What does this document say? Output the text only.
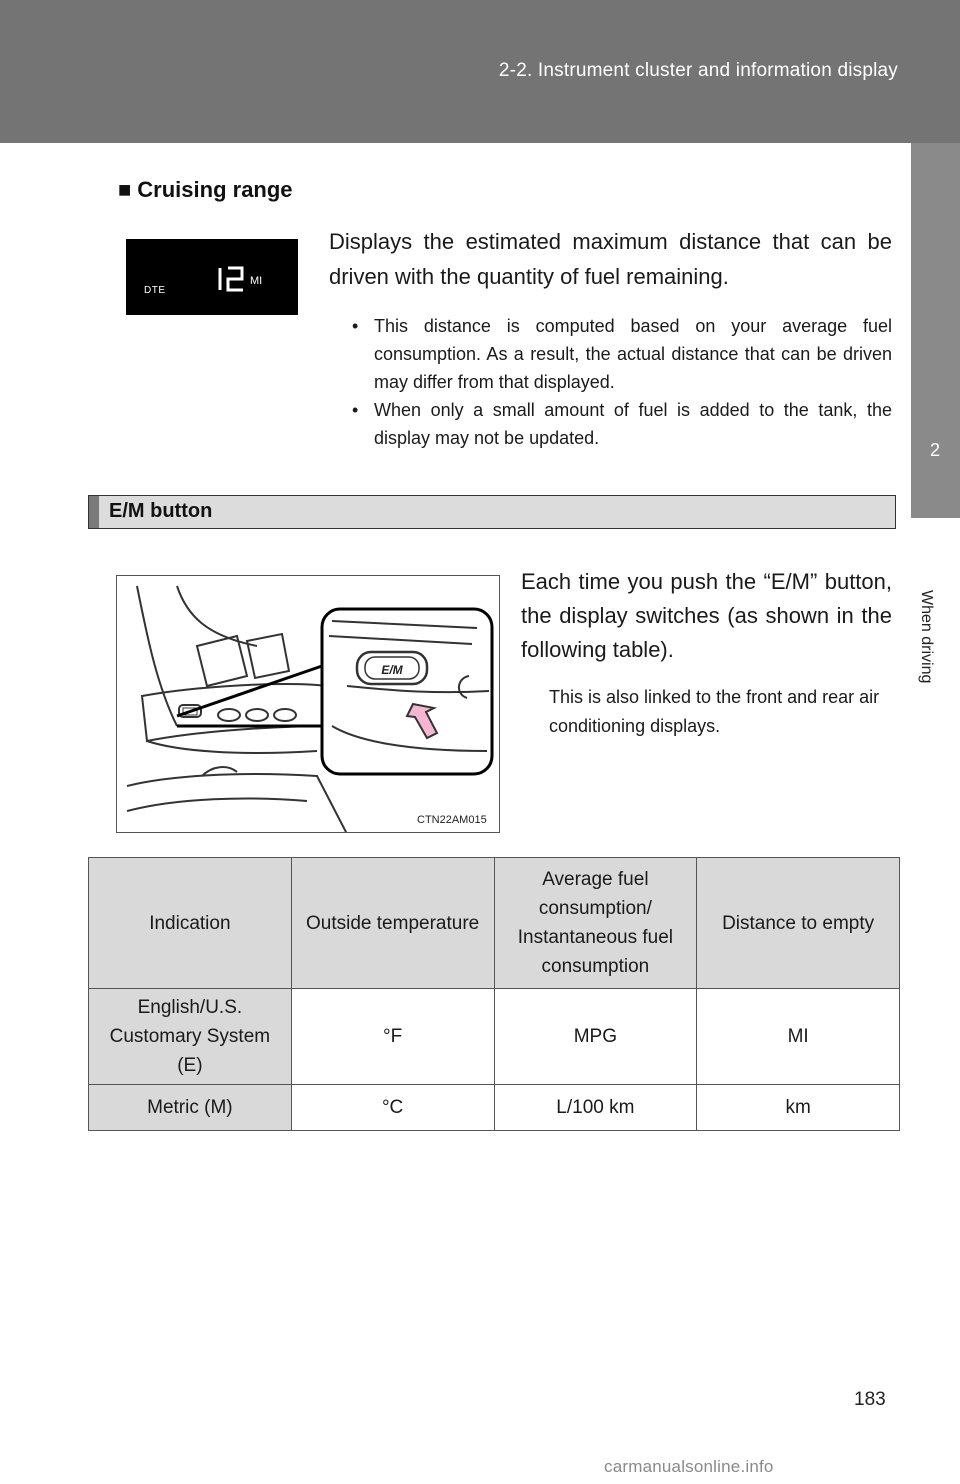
2-2. Instrument cluster and information display
2
When driving
■ Cruising range
DTE
MI
Displays the estimated maximum distance that can be driven with the quantity of fuel remaining.
• This distance is computed based on your average fuel consumption. As a result, the actual distance that can be driven may differ from that displayed.
• When only a small amount of fuel is added to the tank, the display may not be updated.
E/M button
E/M
CTN22AM015
Each time you push the “E/M” button, the display switches (as shown in the following table).
This is also linked to the front and rear air conditioning displays.
Indication	Outside temperature	Average fuel consumption/ Instantaneous fuel consumption	Distance to empty
English/U.S. Customary System (E)	°F	MPG	MI
Metric (M)	°C	L/100 km	km
183
carmanualsonline.info
